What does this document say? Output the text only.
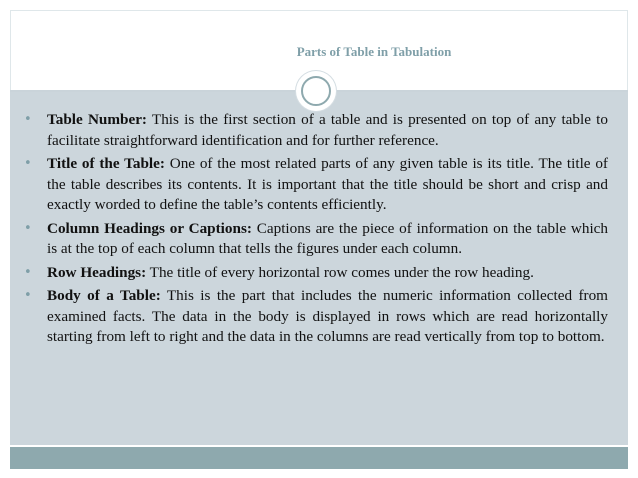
Parts of Table in Tabulation
• Table Number: This is the first section of a table and is presented on top of any table to facilitate straightforward identification and for further reference.
• Title of the Table: One of the most related parts of any given table is its title. The title of the table describes its contents. It is important that the title should be short and crisp and exactly worded to define the table’s contents efficiently.
• Column Headings or Captions: Captions are the piece of information on the table which is at the top of each column that tells the figures under each column.
• Row Headings: The title of every horizontal row comes under the row heading.
• Body of a Table: This is the part that includes the numeric information collected from examined facts. The data in the body is displayed in rows which are read horizontally starting from left to right and the data in the columns are read vertically from top to bottom.
